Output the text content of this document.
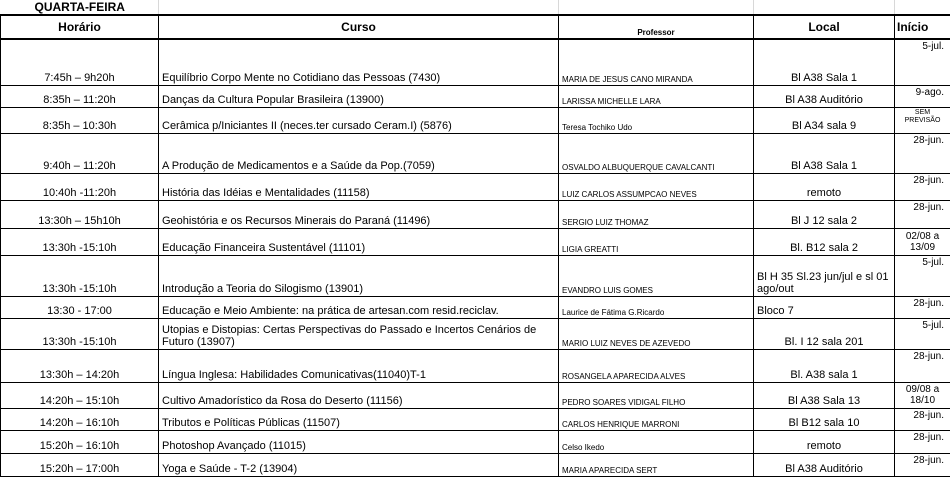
QUARTA-FEIRA				
Horário	Curso	Professor	Local	Início
7:45h – 9h20h	Equilíbrio Corpo Mente no Cotidiano das Pessoas (7430)	MARIA DE JESUS CANO MIRANDA	Bl A38 Sala 1	5-jul.
8:35h – 11:20h	Danças da Cultura Popular Brasileira (13900)	LARISSA MICHELLE LARA	Bl A38 Auditório	9-ago.
8:35h – 10:30h	Cerâmica p/Iniciantes II (neces.ter cursado Ceram.I) (5876)	Teresa Tochiko Udo	Bl A34 sala 9	SEM PREVISÃO
9:40h – 11:20h	A Produção de Medicamentos e a Saúde da Pop.(7059)	OSVALDO ALBUQUERQUE CAVALCANTI	Bl A38 Sala 1	28-jun.
10:40h -11:20h	História das Idéias e Mentalidades (11158)	LUIZ CARLOS ASSUMPCAO NEVES	remoto	28-jun.
13:30h – 15h10h	Geohistória e os Recursos Minerais do Paraná (11496)	SERGIO LUIZ THOMAZ	Bl J 12 sala 2	28-jun.
13:30h -15:10h	Educação Financeira Sustentável (11101)	LIGIA GREATTI	Bl. B12 sala 2	02/08 a 13/09
13:30h -15:10h	Introdução a Teoria do Silogismo (13901)	EVANDRO LUIS GOMES	Bl H 35 Sl.23 jun/jul e sl 01 ago/out	5-jul.
13:30 - 17:00	Educação e Meio Ambiente: na prática de artesan.com resid.reciclav.	Laurice de Fátima G.Ricardo	Bloco 7	28-jun.
13:30h -15:10h	Utopias e Distopias: Certas Perspectivas do Passado e Incertos Cenários de Futuro (13907)	MARIO LUIZ NEVES DE AZEVEDO	Bl. I 12 sala 201	5-jul.
13:30h – 14:20h	Língua Inglesa: Habilidades Comunicativas(11040)T-1	ROSANGELA APARECIDA ALVES	Bl. A38 sala 1	28-jun.
14:20h – 15:10h	Cultivo Amadorístico da Rosa do Deserto (11156)	PEDRO SOARES VIDIGAL FILHO	Bl A38 Sala 13	09/08 a 18/10
14:20h – 16:10h	Tributos e Políticas Públicas (11507)	CARLOS HENRIQUE MARRONI	Bl B12 sala 10	28-jun.
15:20h – 16:10h	Photoshop Avançado (11015)	Celso Ikedo	remoto	28-jun.
15:20h – 17:00h	Yoga e Saúde - T-2 (13904)	MARIA APARECIDA SERT	Bl A38 Auditório	28-jun.
